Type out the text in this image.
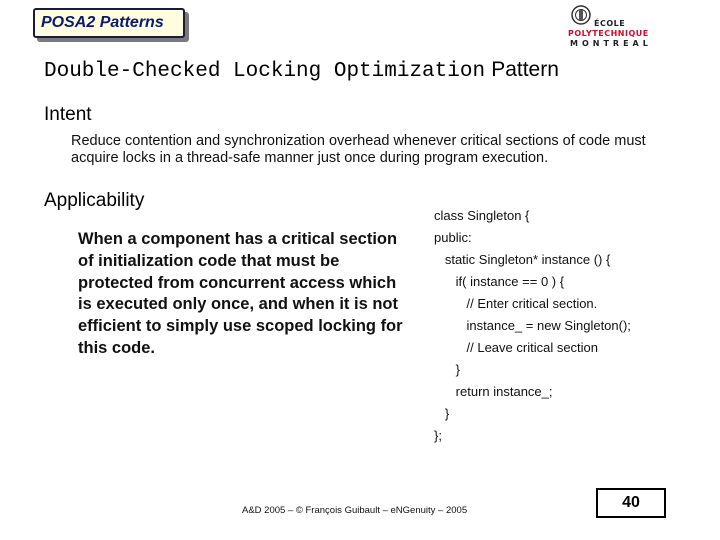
POSA2 Patterns	ÉCOLE
POLYTECHNIQUE
MONTREAL
Double-Checked Locking Optimization Pattern
Intent
Reduce contention and synchronization overhead whenever critical sections of code must acquire locks in a thread-safe manner just once during program execution.
Applicability
When a component has a critical section of initialization code that must be protected from concurrent access which is executed only once, and when it is not efficient to simply use scoped locking for this code.
class Singleton {
public:
static Singleton* instance () {
if( instance == 0 ) {
// Enter critical section.
instance_ = new Singleton();
// Leave critical section
}
return instance_;
}
};
A&D 2005 – © François Guibault – eNGenuity – 2005	40
